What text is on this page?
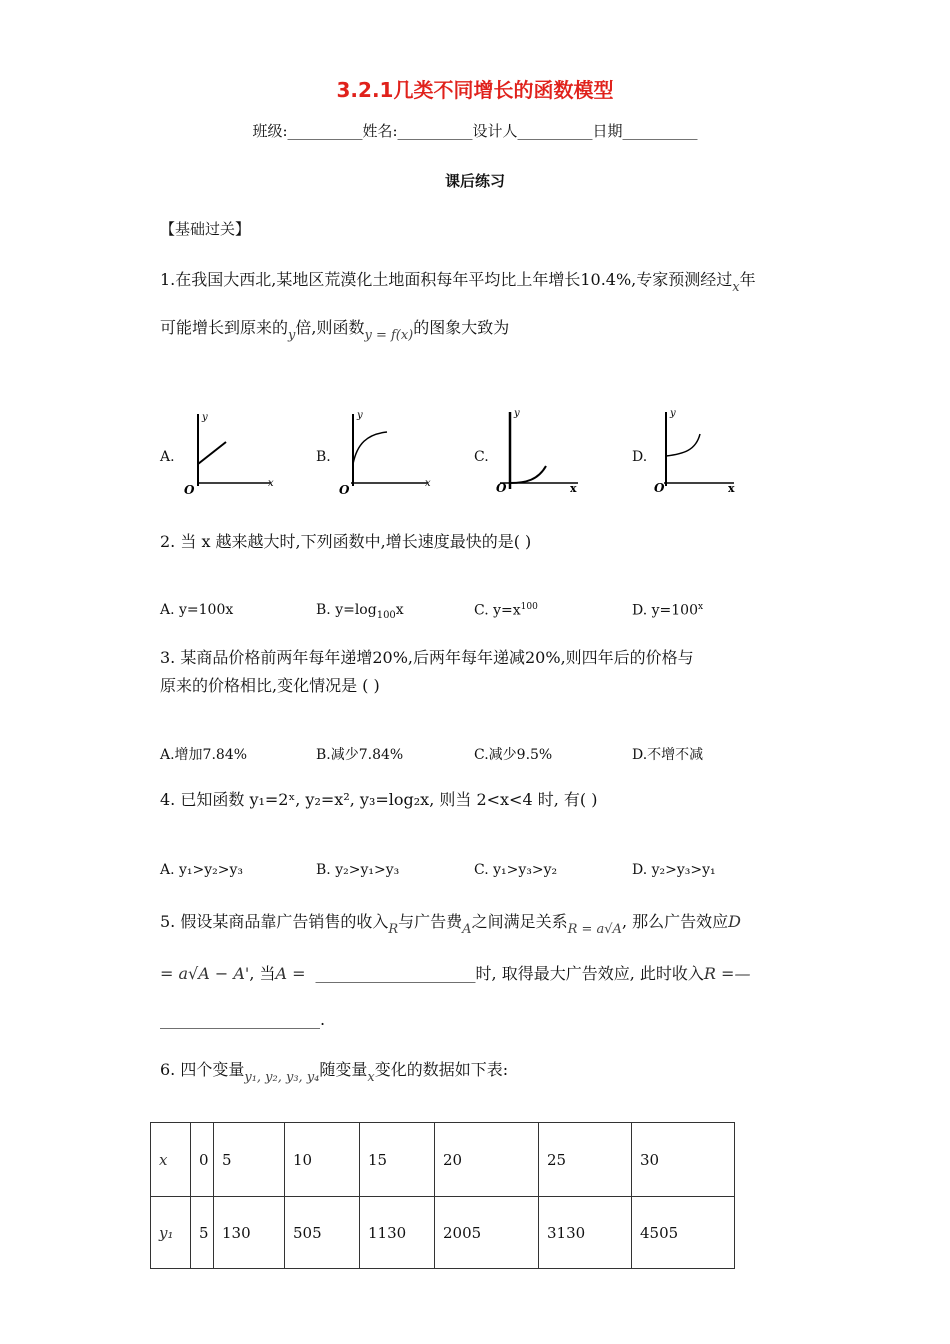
3.2.1几类不同增长的函数模型
班级:__________姓名:__________设计人__________日期__________
课后练习
【基础过关】
1.在我国大西北,某地区荒漠化土地面积每年平均比上年增长10.4%,专家预测经过$_x$年
可能增长到原来的$_y$倍,则函数$_{y = f(x)}$的图象大致为
A.
y
x
O
B.
y
x
O
C.
y
x
O
D.
y
x
O
2. 当 x 越来越大时,下列函数中,增长速度最快的是( )
A. y=100x	B. $y=\log_{100}x$	C. $y=x^{100}$	D. $y=100^x$
3. 某商品价格前两年每年递增20%,后两年每年递减20%,则四年后的价格与
原来的价格相比,变化情况是 ( )
A.增加7.84%	B.减少7.84%	C.减少9.5%	D.不增不减
4. 已知函数 y₁=2ˣ, y₂=x², y₃=log₂x, 则当 2<x<4 时, 有( )
A. y₁>y₂>y₃	B. y₂>y₁>y₃	C. y₁>y₃>y₂	D. y₂>y₃>y₁
5. 假设某商品靠广告销售的收入$_R$与广告费$_A$之间满足关系$_{R = a√A}$, 那么广告效应D
= a√A − A', 当A = ____________________时, 取得最大广告效应, 此时收入R =—
____________________.
6. 四个变量$_{y_1, y_2, y_3, y_4}$随变量$_x$变化的数据如下表:
x	0	5	10	15	20	25	30
y₁	5	130	505	1130	2005	3130	4505
